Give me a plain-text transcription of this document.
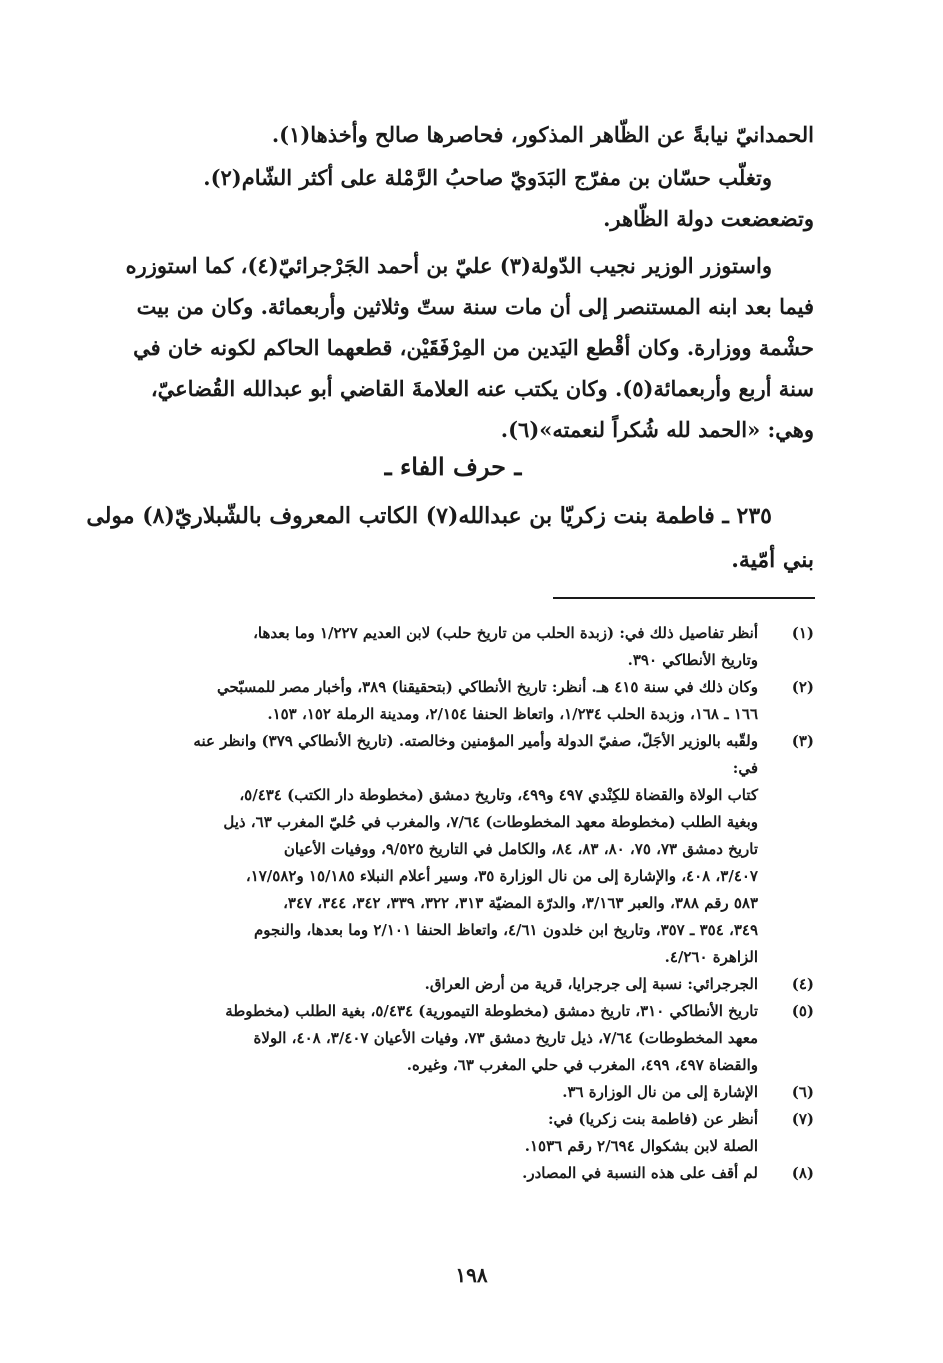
الحمدانيّ نيابةً عن الظّاهر المذكور، فحاصرها صالح وأخذها(١).
وتغلّب حسّان بن مفرّج البَدَويّ صاحبُ الرَّمْلة على أكثر الشّام(٢).
وتضعضعت دولة الظّاهر.
واستوزر الوزير نجيب الدّولة(٣) عليّ بن أحمد الجَرْجرائيّ(٤)، كما استوزره
فيما بعد ابنه المستنصر إلى أن مات سنة ستّ وثلاثين وأربعمائة. وكان من بيت
حشْمة ووزارة. وكان أقْطع اليَدين من المِرْفَقَيْن، قطعهما الحاكم لكونه خان في
سنة أربع وأربعمائة(٥). وكان يكتب عنه العلامةَ القاضي أبو عبدالله القُضاعيّ،
وهي: «الحمد لله شُكراً لنعمته»(٦).
ـ حرف الفاء ـ
٢٣٥ ـ فاطمة بنت زكريّا بن عبدالله(٧) الكاتب المعروف بالشّبلاريّ(٨) مولى
بني أمّية.
(١)
أنظر تفاصيل ذلك في: (زبدة الحلب من تاريخ حلب) لابن العديم ١/٢٢٧ وما بعدها،
وتاريخ الأنطاكي ٣٩٠.
(٢)
وكان ذلك في سنة ٤١٥ هـ. أنظر: تاريخ الأنطاكي (بتحقيقنا) ٣٨٩، وأخبار مصر للمسبّحي
١٦٦ ـ ١٦٨، وزبدة الحلب ١/٢٣٤، واتعاظ الحنفا ٢/١٥٤، ومدينة الرملة ١٥٢، ١٥٣.
(٣)
ولقّبه بالوزير الأجَلّ، صفيّ الدولة وأمير المؤمنين وخالصته. (تاريخ الأنطاكي ٣٧٩) وانظر عنه
في:
كتاب الولاة والقضاة للكِنْدي ٤٩٧ و٤٩٩، وتاريخ دمشق (مخطوطة دار الكتب) ٥/٤٣٤،
وبغية الطلب (مخطوطة معهد المخطوطات) ٧/٦٤، والمغرب في حُليّ المغرب ٦٣، ذيل
تاريخ دمشق ٧٣، ٧٥، ٨٠، ٨٣، ٨٤، والكامل في التاريخ ٩/٥٢٥، ووفيات الأعيان
٣/٤٠٧، ٤٠٨، والإشارة إلى من نال الوزارة ٣٥، وسير أعلام النبلاء ١٥/١٨٥ و١٧/٥٨٢،
٥٨٣ رقم ٣٨٨، والعبر ٣/١٦٣، والدرّة المضيّة ٣١٣، ٣٢٢، ٣٣٩، ٣٤٢، ٣٤٤، ٣٤٧،
٣٤٩، ٣٥٤ ـ ٣٥٧، وتاريخ ابن خلدون ٤/٦١، واتعاظ الحنفا ٢/١٠١ وما بعدها، والنجوم
الزاهرة ٤/٢٦٠.
(٤)
الجرجرائي: نسبة إلى جرجرايا، قرية من أرض العراق.
(٥)
تاريخ الأنطاكي ٣١٠، تاريخ دمشق (مخطوطة التيمورية) ٥/٤٣٤، بغية الطلب (مخطوطة
معهد المخطوطات) ٧/٦٤، ذيل تاريخ دمشق ٧٣، وفيات الأعيان ٣/٤٠٧، ٤٠٨، الولاة
والقضاة ٤٩٧، ٤٩٩، المغرب في حلي المغرب ٦٣، وغيره.
(٦)
الإشارة إلى من نال الوزارة ٣٦.
(٧)
أنظر عن (فاطمة بنت زكريا) في:
الصلة لابن بشكوال ٢/٦٩٤ رقم ١٥٣٦.
(٨)
لم أقف على هذه النسبة في المصادر.
١٩٨
